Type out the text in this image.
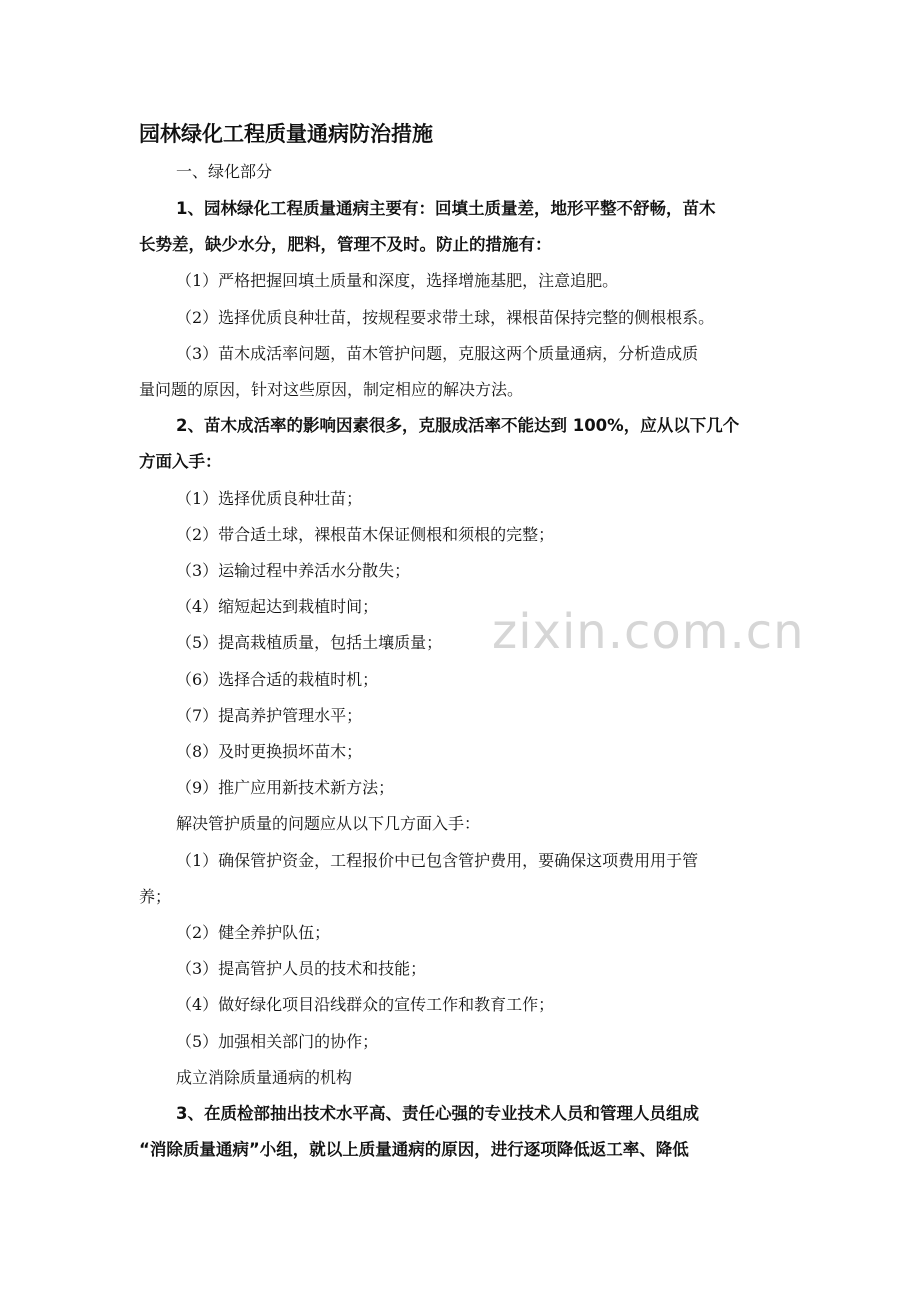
园林绿化工程质量通病防治措施
一、绿化部分
1、园林绿化工程质量通病主要有：回填土质量差，地形平整不舒畅，苗木
长势差，缺少水分，肥料，管理不及时。防止的措施有：
（1）严格把握回填土质量和深度，选择增施基肥，注意追肥。
（2）选择优质良种壮苗，按规程要求带土球，裸根苗保持完整的侧根根系。
（3）苗木成活率问题，苗木管护问题，克服这两个质量通病，分析造成质
量问题的原因，针对这些原因，制定相应的解决方法。
2、苗木成活率的影响因素很多，克服成活率不能达到 100%，应从以下几个
方面入手：
（1）选择优质良种壮苗；
（2）带合适土球，裸根苗木保证侧根和须根的完整；
（3）运输过程中养活水分散失；
（4）缩短起达到栽植时间；
（5）提高栽植质量，包括土壤质量；
（6）选择合适的栽植时机；
（7）提高养护管理水平；
（8）及时更换损坏苗木；
（9）推广应用新技术新方法；
解决管护质量的问题应从以下几方面入手：
（1）确保管护资金，工程报价中已包含管护费用，要确保这项费用用于管
养；
（2）健全养护队伍；
（3）提高管护人员的技术和技能；
（4）做好绿化项目沿线群众的宣传工作和教育工作；
（5）加强相关部门的协作；
成立消除质量通病的机构
3、在质检部抽出技术水平高、责任心强的专业技术人员和管理人员组成
“消除质量通病”小组，就以上质量通病的原因，进行逐项降低返工率、降低
zixin.com.cn
